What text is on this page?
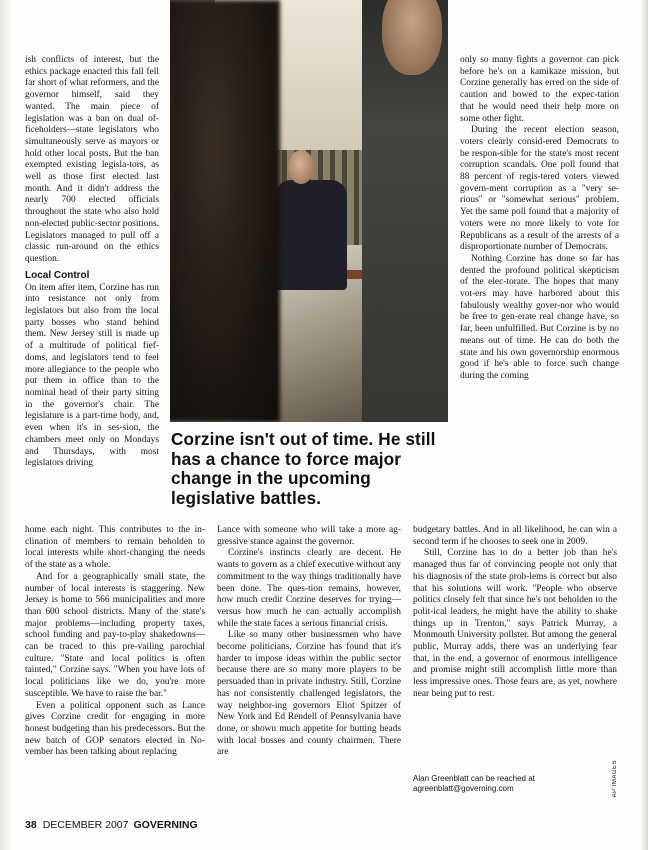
ish conflicts of interest, but the ethics package enacted this fall fell far short of what reformers, and the governor himself, said they wanted. The main piece of legislation was a ban on dual of-ficeholders—state legislators who simultaneously serve as mayors or hold other local posts. But the ban exempted existing legisla-tors, as well as those first elected last month. And it didn't address the nearly 700 elected officials throughout the state who also hold non-elected public-sector positions. Legislators managed to pull off a classic run-around on the ethics question.

Local Control

On item after item, Corzine has run into resistance not only from legislators but also from the local party bosses who stand behind them. New Jersey still is made up of a multitude of political fief-doms, and legislators tend to feel more allegiance to the people who put them in office than to the nominal head of their party sitting in the governor's chair. The legislature is a part-time body, and, even when it's in ses-sion, the chambers meet only on Mondays and Thursdays, with most legislators driving

Corzine isn't out of time. He still has a chance to force major change in the upcoming legislative battles.

only so many fights a governor can pick before he's on a kamikaze mission, but Corzine generally has erred on the side of caution and bowed to the expec-tation that he would need their help more on some other fight.

During the recent election season, voters clearly consid-ered Democrats to be respon-sible for the state's most recent corruption scandals. One poll found that 88 percent of regis-tered voters viewed govern-ment corruption as a "very se-rious" or "somewhat serious" problem. Yet the same poll found that a majority of voters were no more likely to vote for Republicans as a result of the arrests of a disproportionate number of Democrats.

Nothing Corzine has done so far has dented the profound political skepticism of the elec-torate. The hopes that many vot-ers may have harbored about this fabulously wealthy gover-nor who would be free to gen-erate real change have, so far, been unfulfilled. But Corzine is by no means out of time. He can do both the state and his own governorship enormous good if he's able to force such change during the coming

home each night. This contributes to the in-clination of members to remain beholden to local interests while short-changing the needs of the state as a whole.

And for a geographically small state, the number of local interests is staggering. New Jersey is home to 566 municipalities and more than 600 school districts. Many of the state's major problems—including property taxes, school funding and pay-to-play shakedowns—can be traced to this pre-vailing parochial culture. "State and local politics is often tainted," Corzine says. "When you have lots of local politicians like we do, you're more susceptible. We have to raise the bar."

Even a political opponent such as Lance gives Corzine credit for engaging in more honest budgeting than his predecessors. But the new batch of GOP senators elected in No-vember has been talking about replacing

Lance with someone who will take a more ag-gressive stance against the governor.

Corzine's instincts clearly are decent. He wants to govern as a chief executive without any commitment to the way things traditionally have been done. The ques-tion remains, however, how much credit Corzine deserves for trying—versus how much he can actually accomplish while the state faces a serious financial crisis.

Like so many other businessmen who have become politicians, Corzine has found that it's harder to impose ideas within the public sector because there are so many more players to be persuaded than in private industry. Still, Corzine has not consistently challenged legislators, the way neighbor-ing governors Eliot Spitzer of New York and Ed Rendell of Pennsylvania have done, or shown much appetite for butting heads with local bosses and county chairmen. There are

budgetary battles. And in all likelihood, he can win a second term if he chooses to seek one in 2009.

Still, Corzine has to do a better job than he's managed thus far of convincing people not only that his diagnosis of the state prob-lems is correct but also that his solutions will work. "People who observe politics closely felt that since he's not beholden to the polit-ical leaders, he might have the ability to shake things up in Trenton," says Patrick Murray, a Monmouth University pollster. But among the general public, Murray adds, there was an underlying fear that, in the end, a governor of enormous intelligence and promise might still accomplish little more than less impressive ones. Those fears are, as yet, nowhere near being put to rest.

Alan Greenblatt can be reached at
agreenblatt@governing.com	AP IMAGES
38 DECEMBER 2007 GOVERNING
